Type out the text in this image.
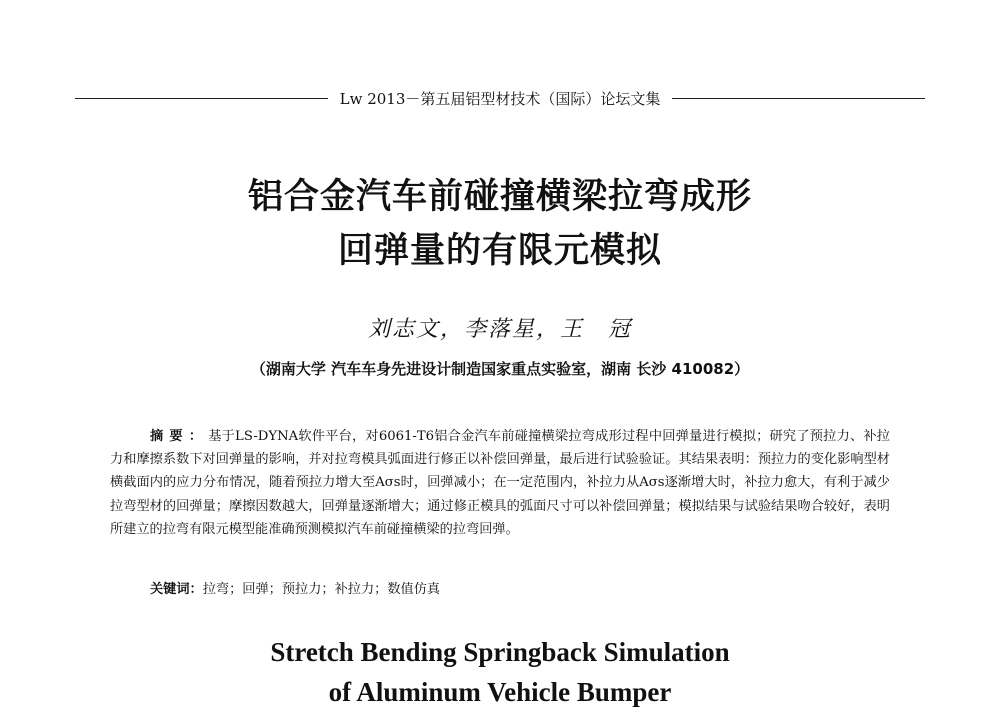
Lw 2013－第五届铝型材技术（国际）论坛文集
铝合金汽车前碰撞横梁拉弯成形
回弹量的有限元模拟
刘志文，李落星，王　冠
（湖南大学 汽车车身先进设计制造国家重点实验室，湖南 长沙 410082）
摘要：基于LS-DYNA软件平台，对6061-T6铝合金汽车前碰撞横梁拉弯成形过程中回弹量进行模拟；研究了预拉力、补拉力和摩擦系数下对回弹量的影响，并对拉弯模具弧面进行修正以补偿回弹量，最后进行试验验证。其结果表明：预拉力的变化影响型材横截面内的应力分布情况，随着预拉力增大至Aσs时，回弹减小；在一定范围内，补拉力从Aσs逐渐增大时，补拉力愈大，有利于减少拉弯型材的回弹量；摩擦因数越大，回弹量逐渐增大；通过修正模具的弧面尺寸可以补偿回弹量；模拟结果与试验结果吻合较好，表明所建立的拉弯有限元模型能准确预测模拟汽车前碰撞横梁的拉弯回弹。
关键词：拉弯；回弹；预拉力；补拉力；数值仿真
Stretch Bending Springback Simulation
of Aluminum Vehicle Bumper
